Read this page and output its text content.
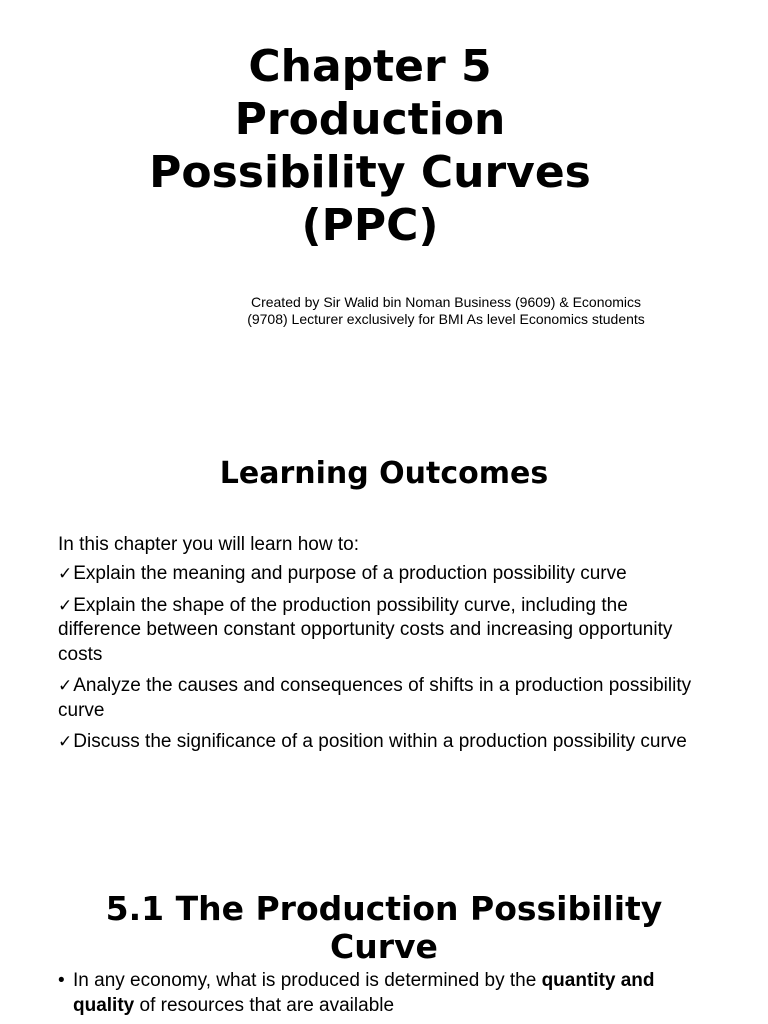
Chapter 5
Production
Possibility Curves
(PPC)

Created by Sir Walid bin Noman Business (9609) & Economics
(9708) Lecturer exclusively for BMI As level Economics students

Learning Outcomes

In this chapter you will learn how to:

✓Explain the meaning and purpose of a production possibility curve
✓Explain the shape of the production possibility curve, including the difference between constant opportunity costs and increasing opportunity costs
✓Analyze the causes and consequences of shifts in a production possibility curve
✓Discuss the significance of a position within a production possibility curve
5.1 The Production Possibility
Curve
• In any economy, what is produced is determined by the quantity and quality of resources that are available
